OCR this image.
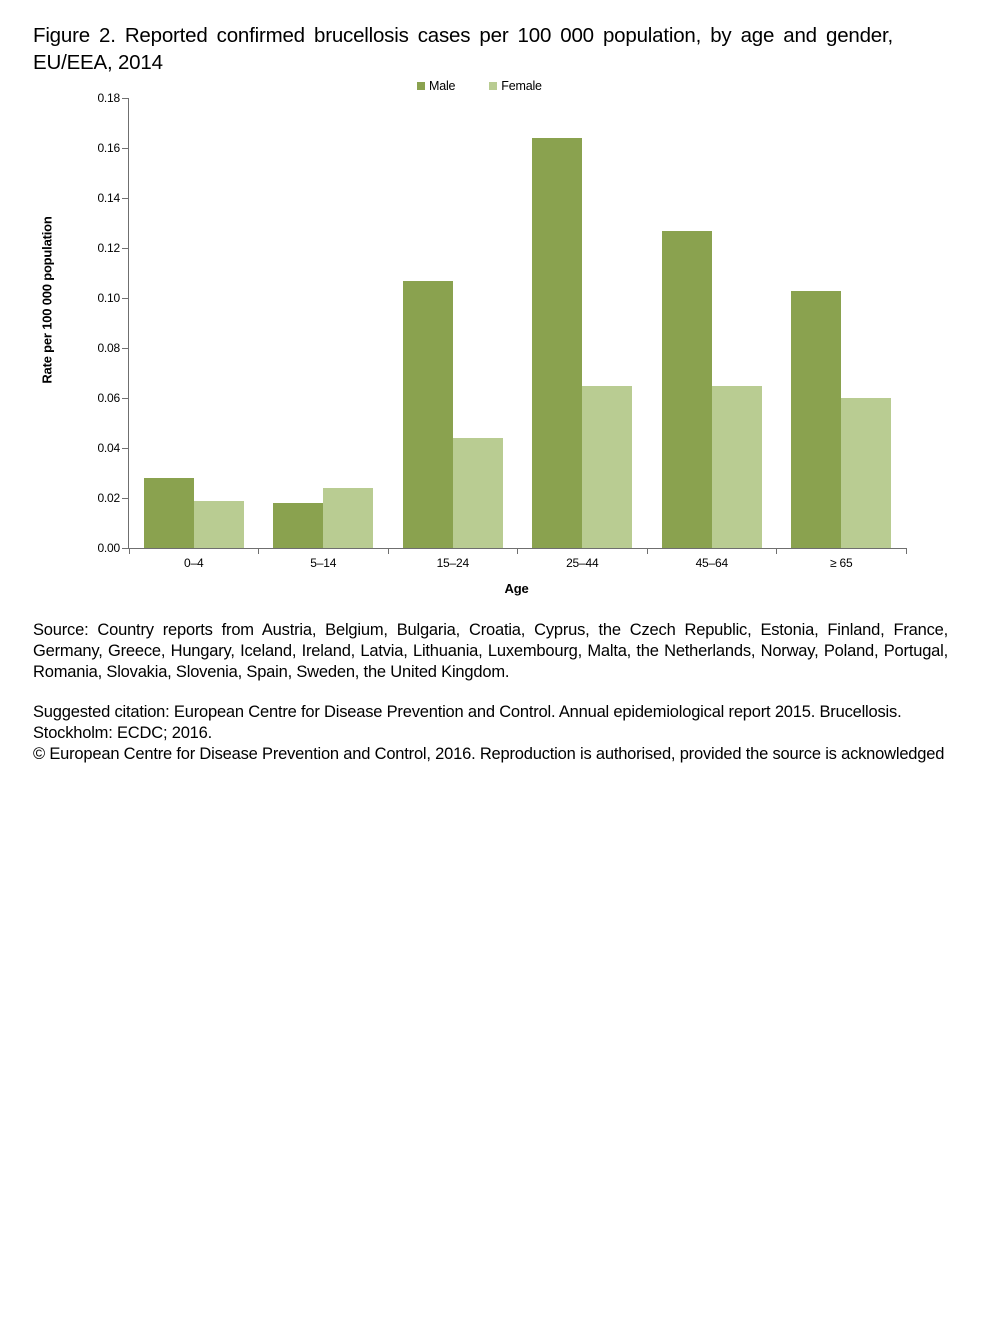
Figure 2. Reported confirmed brucellosis cases per 100 000 population, by age and gender,
EU/EEA, 2014
Male	Female
Rate per 100 000 population
0.00
0.02
0.04
0.06
0.08
0.10
0.12
0.14
0.16
0.18
0–4	5–14	15–24	25–44	45–64	≥ 65
Age

Source: Country reports from Austria, Belgium, Bulgaria, Croatia, Cyprus, the Czech Republic, Estonia, Finland, France, Germany, Greece, Hungary, Iceland, Ireland, Latvia, Lithuania, Luxembourg, Malta, the Netherlands, Norway, Poland, Portugal, Romania, Slovakia, Slovenia, Spain, Sweden, the United Kingdom.

Suggested citation: European Centre for Disease Prevention and Control. Annual epidemiological report 2015. Brucellosis.
Stockholm: ECDC; 2016.

© European Centre for Disease Prevention and Control, 2016. Reproduction is authorised, provided the source is acknowledged
